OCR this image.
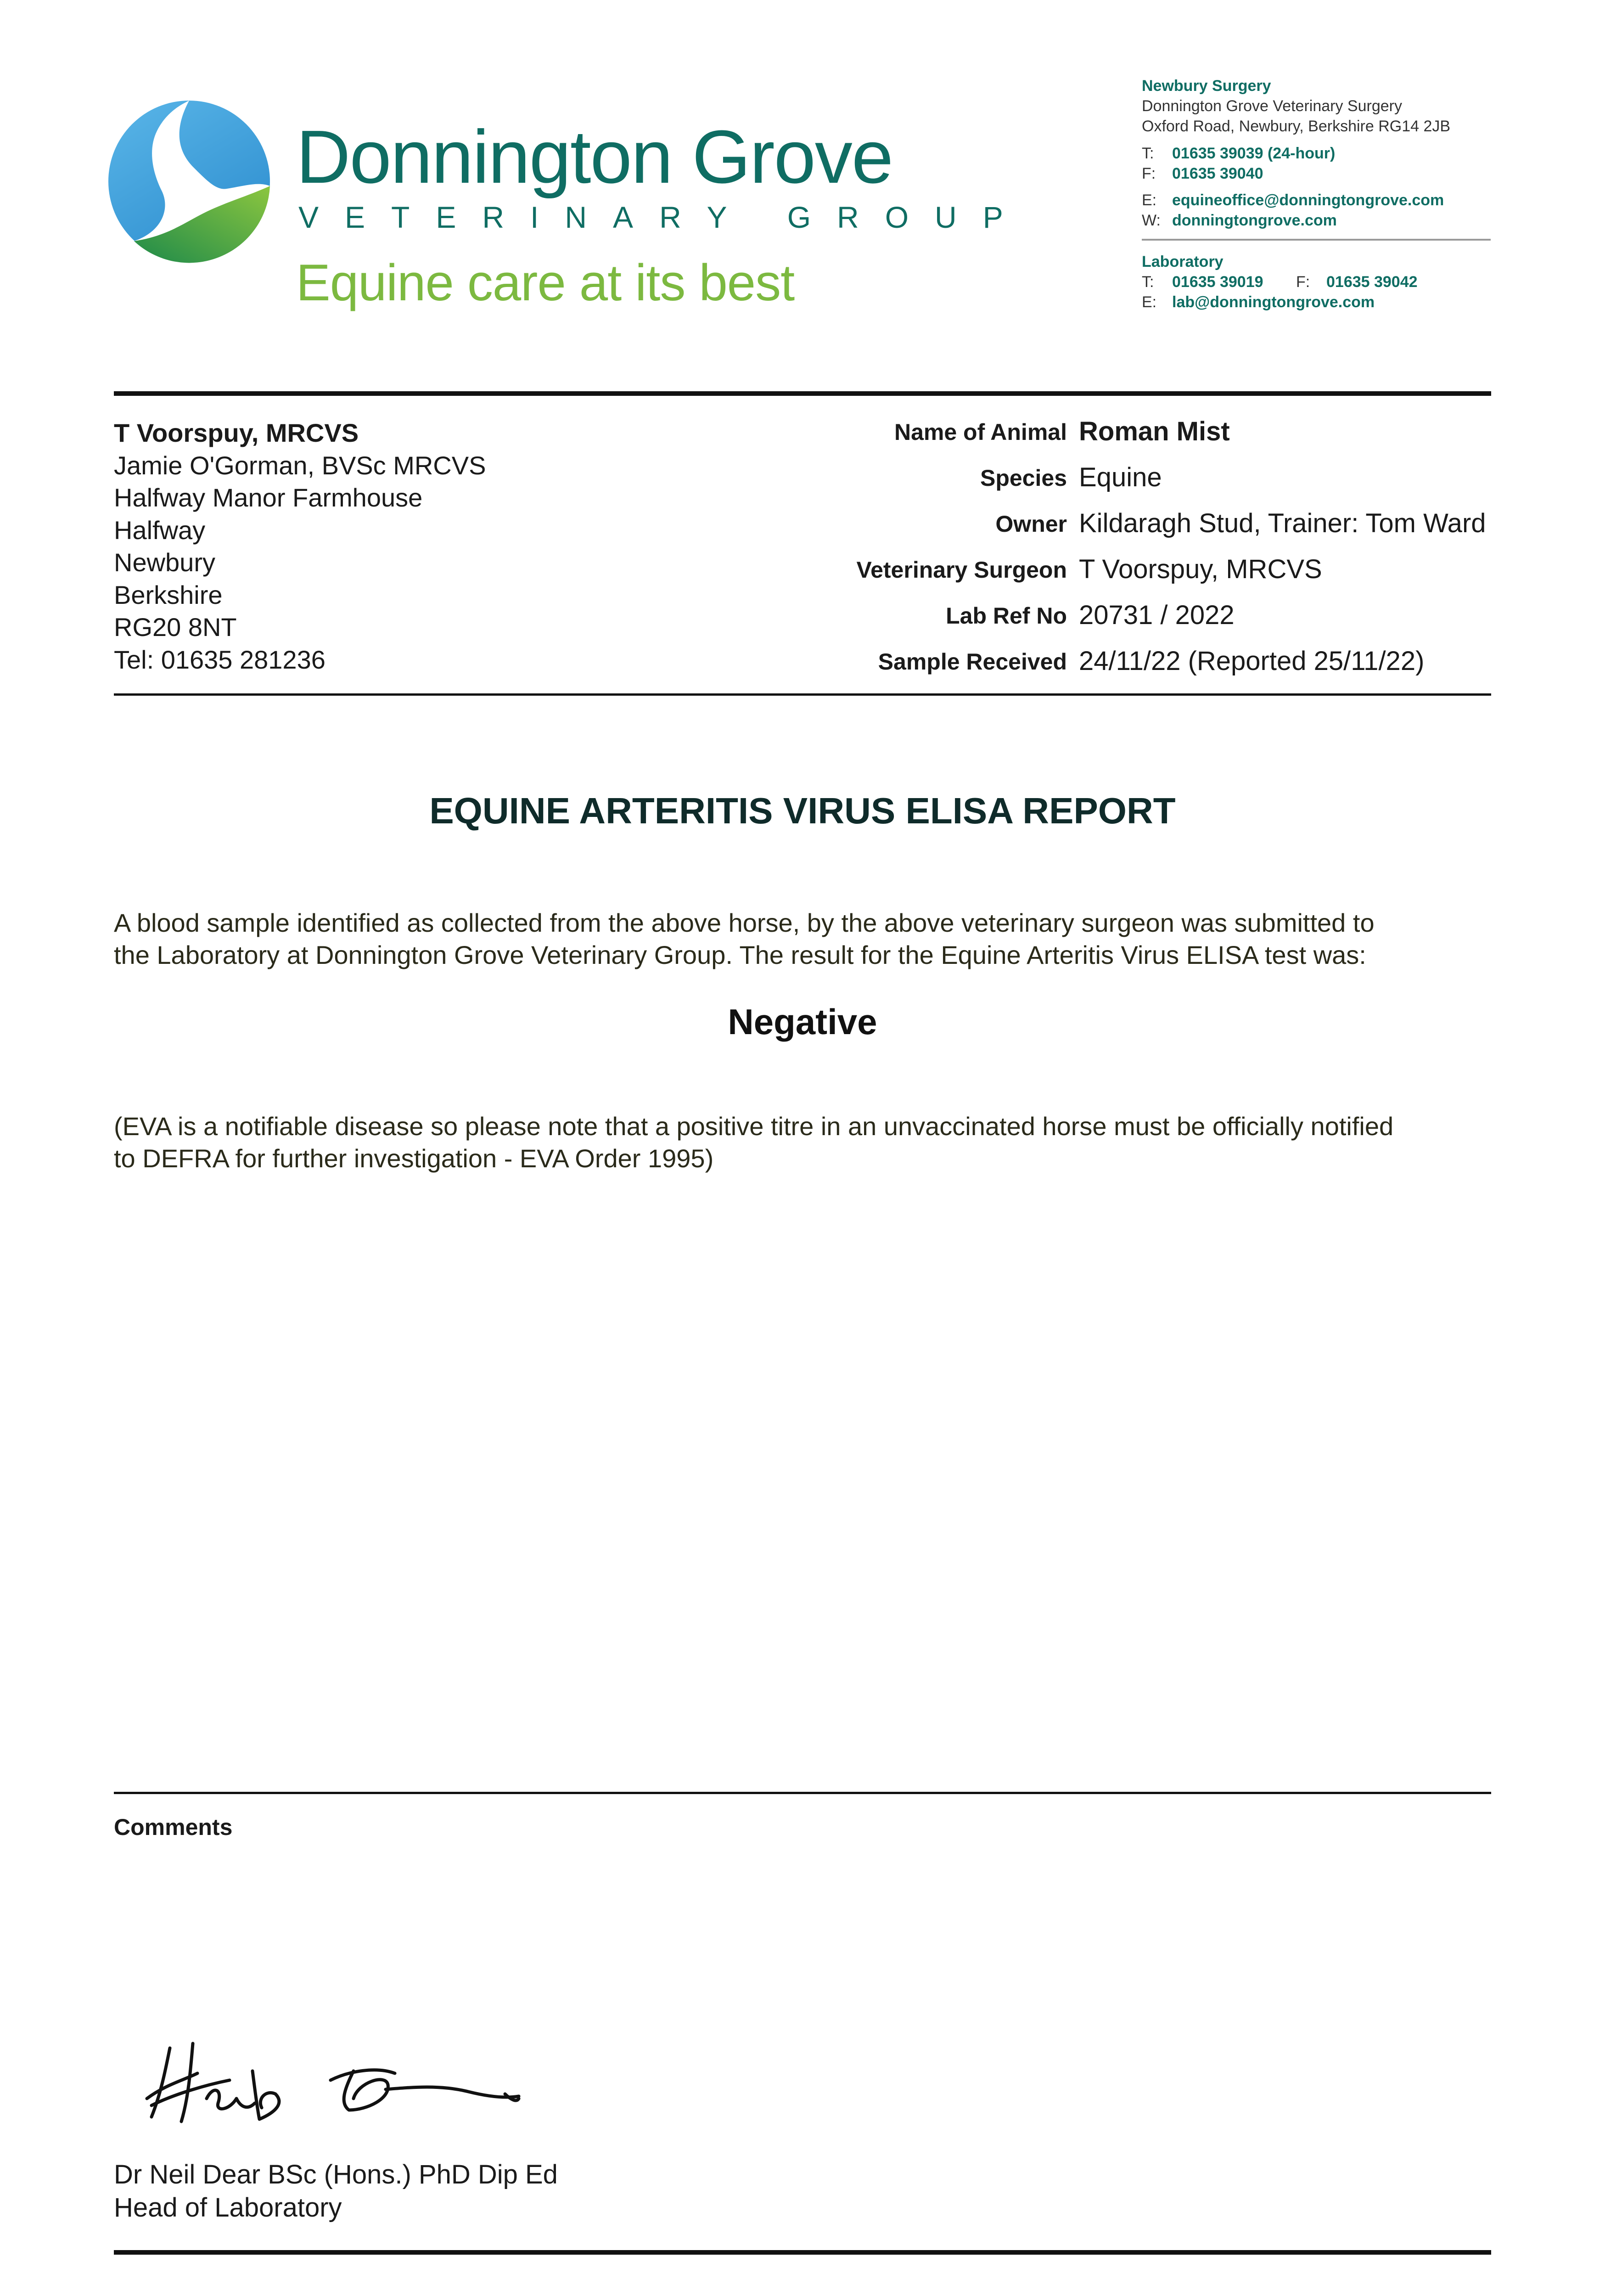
Donnington Grove
VETERINARY GROUP
Equine care at its best
Newbury Surgery
Donnington Grove Veterinary Surgery
Oxford Road, Newbury, Berkshire RG14 2JB
T:	01635 39039 (24-hour)
F:	01635 39040
E: equineoffice@donningtongrove.com
W: donningtongrove.com
Laboratory
T:	01635 39019	F:	01635 39042
E: lab@donningtongrove.com
T Voorspuy, MRCVS
Jamie O'Gorman, BVSc MRCVS
Halfway Manor Farmhouse
Halfway
Newbury
Berkshire
RG20 8NT
Tel: 01635 281236
Name of Animal Roman Mist
Species Equine
Owner Kildaragh Stud, Trainer: Tom Ward
Veterinary Surgeon T Voorspuy, MRCVS
Lab Ref No 20731 / 2022
Sample Received 24/11/22 (Reported 25/11/22)
EQUINE ARTERITIS VIRUS ELISA REPORT
A blood sample identified as collected from the above horse, by the above veterinary surgeon was submitted to
the Laboratory at Donnington Grove Veterinary Group. The result for the Equine Arteritis Virus ELISA test was:
Negative
(EVA is a notifiable disease so please note that a positive titre in an unvaccinated horse must be officially notified
to DEFRA for further investigation - EVA Order 1995)
Comments
Dr Neil Dear BSc (Hons.) PhD Dip Ed
Head of Laboratory
